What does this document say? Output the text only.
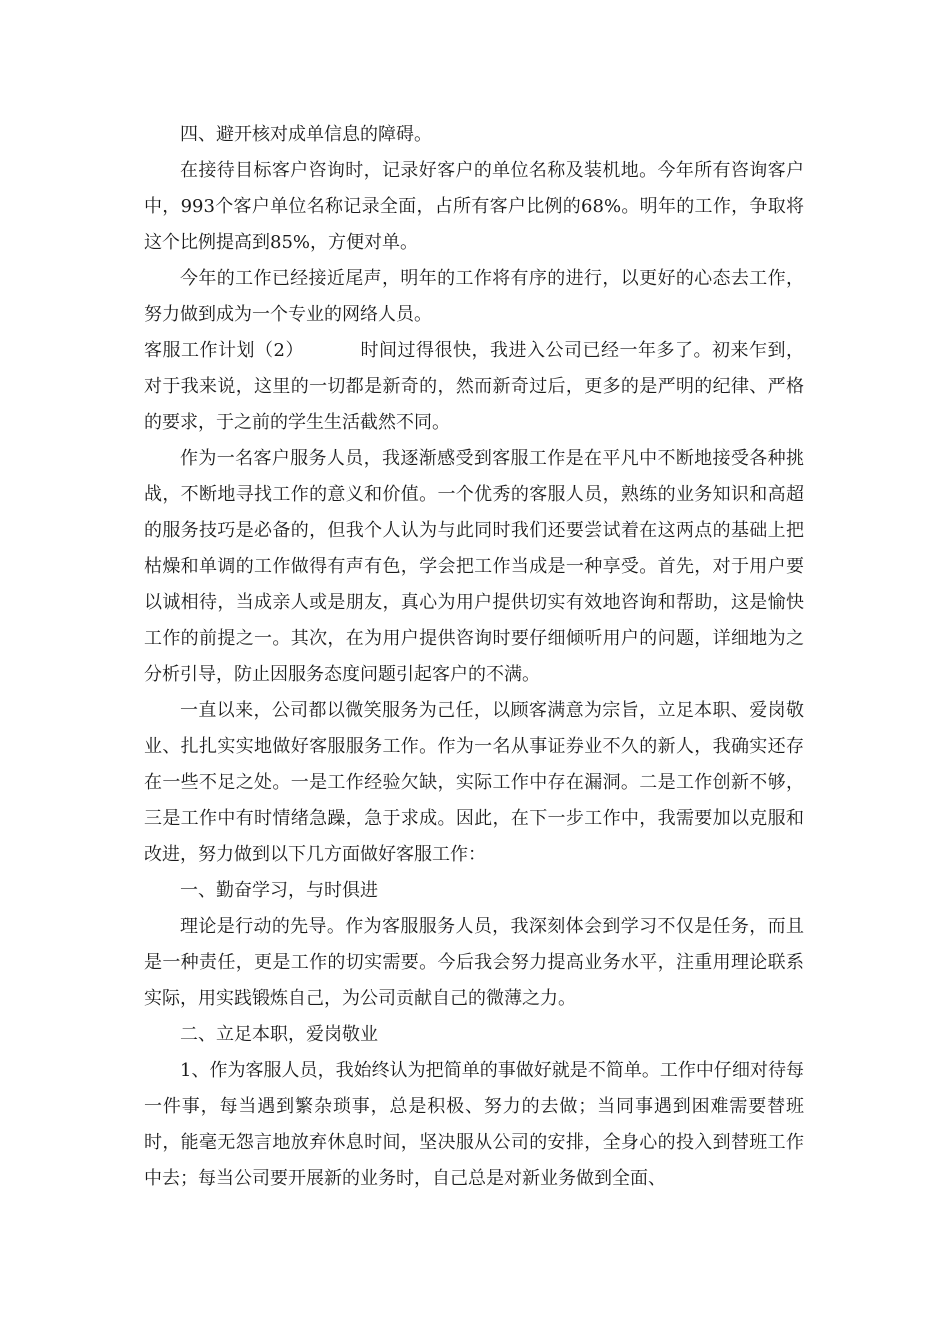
四、避开核对成单信息的障碍。

在接待目标客户咨询时，记录好客户的单位名称及装机地。今年所有咨询客户中，993个客户单位名称记录全面，占所有客户比例的68%。明年的工作，争取将这个比例提高到85%，方便对单。

今年的工作已经接近尾声，明年的工作将有序的进行，以更好的心态去工作，努力做到成为一个专业的网络人员。

客服工作计划（2）	时间过得很快，我进入公司已经一年多了。初来乍到，对于我来说，这里的一切都是新奇的，然而新奇过后，更多的是严明的纪律、严格的要求，于之前的学生生活截然不同。

作为一名客户服务人员，我逐渐感受到客服工作是在平凡中不断地接受各种挑战，不断地寻找工作的意义和价值。一个优秀的客服人员，熟练的业务知识和高超的服务技巧是必备的，但我个人认为与此同时我们还要尝试着在这两点的基础上把枯燥和单调的工作做得有声有色，学会把工作当成是一种享受。首先，对于用户要以诚相待，当成亲人或是朋友，真心为用户提供切实有效地咨询和帮助，这是愉快工作的前提之一。其次，在为用户提供咨询时要仔细倾听用户的问题，详细地为之分析引导，防止因服务态度问题引起客户的不满。

一直以来，公司都以微笑服务为己任，以顾客满意为宗旨，立足本职、爱岗敬业、扎扎实实地做好客服服务工作。作为一名从事证券业不久的新人，我确实还存在一些不足之处。一是工作经验欠缺，实际工作中存在漏洞。二是工作创新不够，三是工作中有时情绪急躁，急于求成。因此，在下一步工作中，我需要加以克服和改进，努力做到以下几方面做好客服工作：

一、勤奋学习，与时俱进

理论是行动的先导。作为客服服务人员，我深刻体会到学习不仅是任务，而且是一种责任，更是工作的切实需要。今后我会努力提高业务水平，注重用理论联系实际，用实践锻炼自己，为公司贡献自己的微薄之力。

二、立足本职，爱岗敬业

1、作为客服人员，我始终认为把简单的事做好就是不简单。工作中仔细对待每一件事，每当遇到繁杂琐事，总是积极、努力的去做；当同事遇到困难需要替班时，能毫无怨言地放弃休息时间，坚决服从公司的安排，全身心的投入到替班工作中去；每当公司要开展新的业务时，自己总是对新业务做到全面、
